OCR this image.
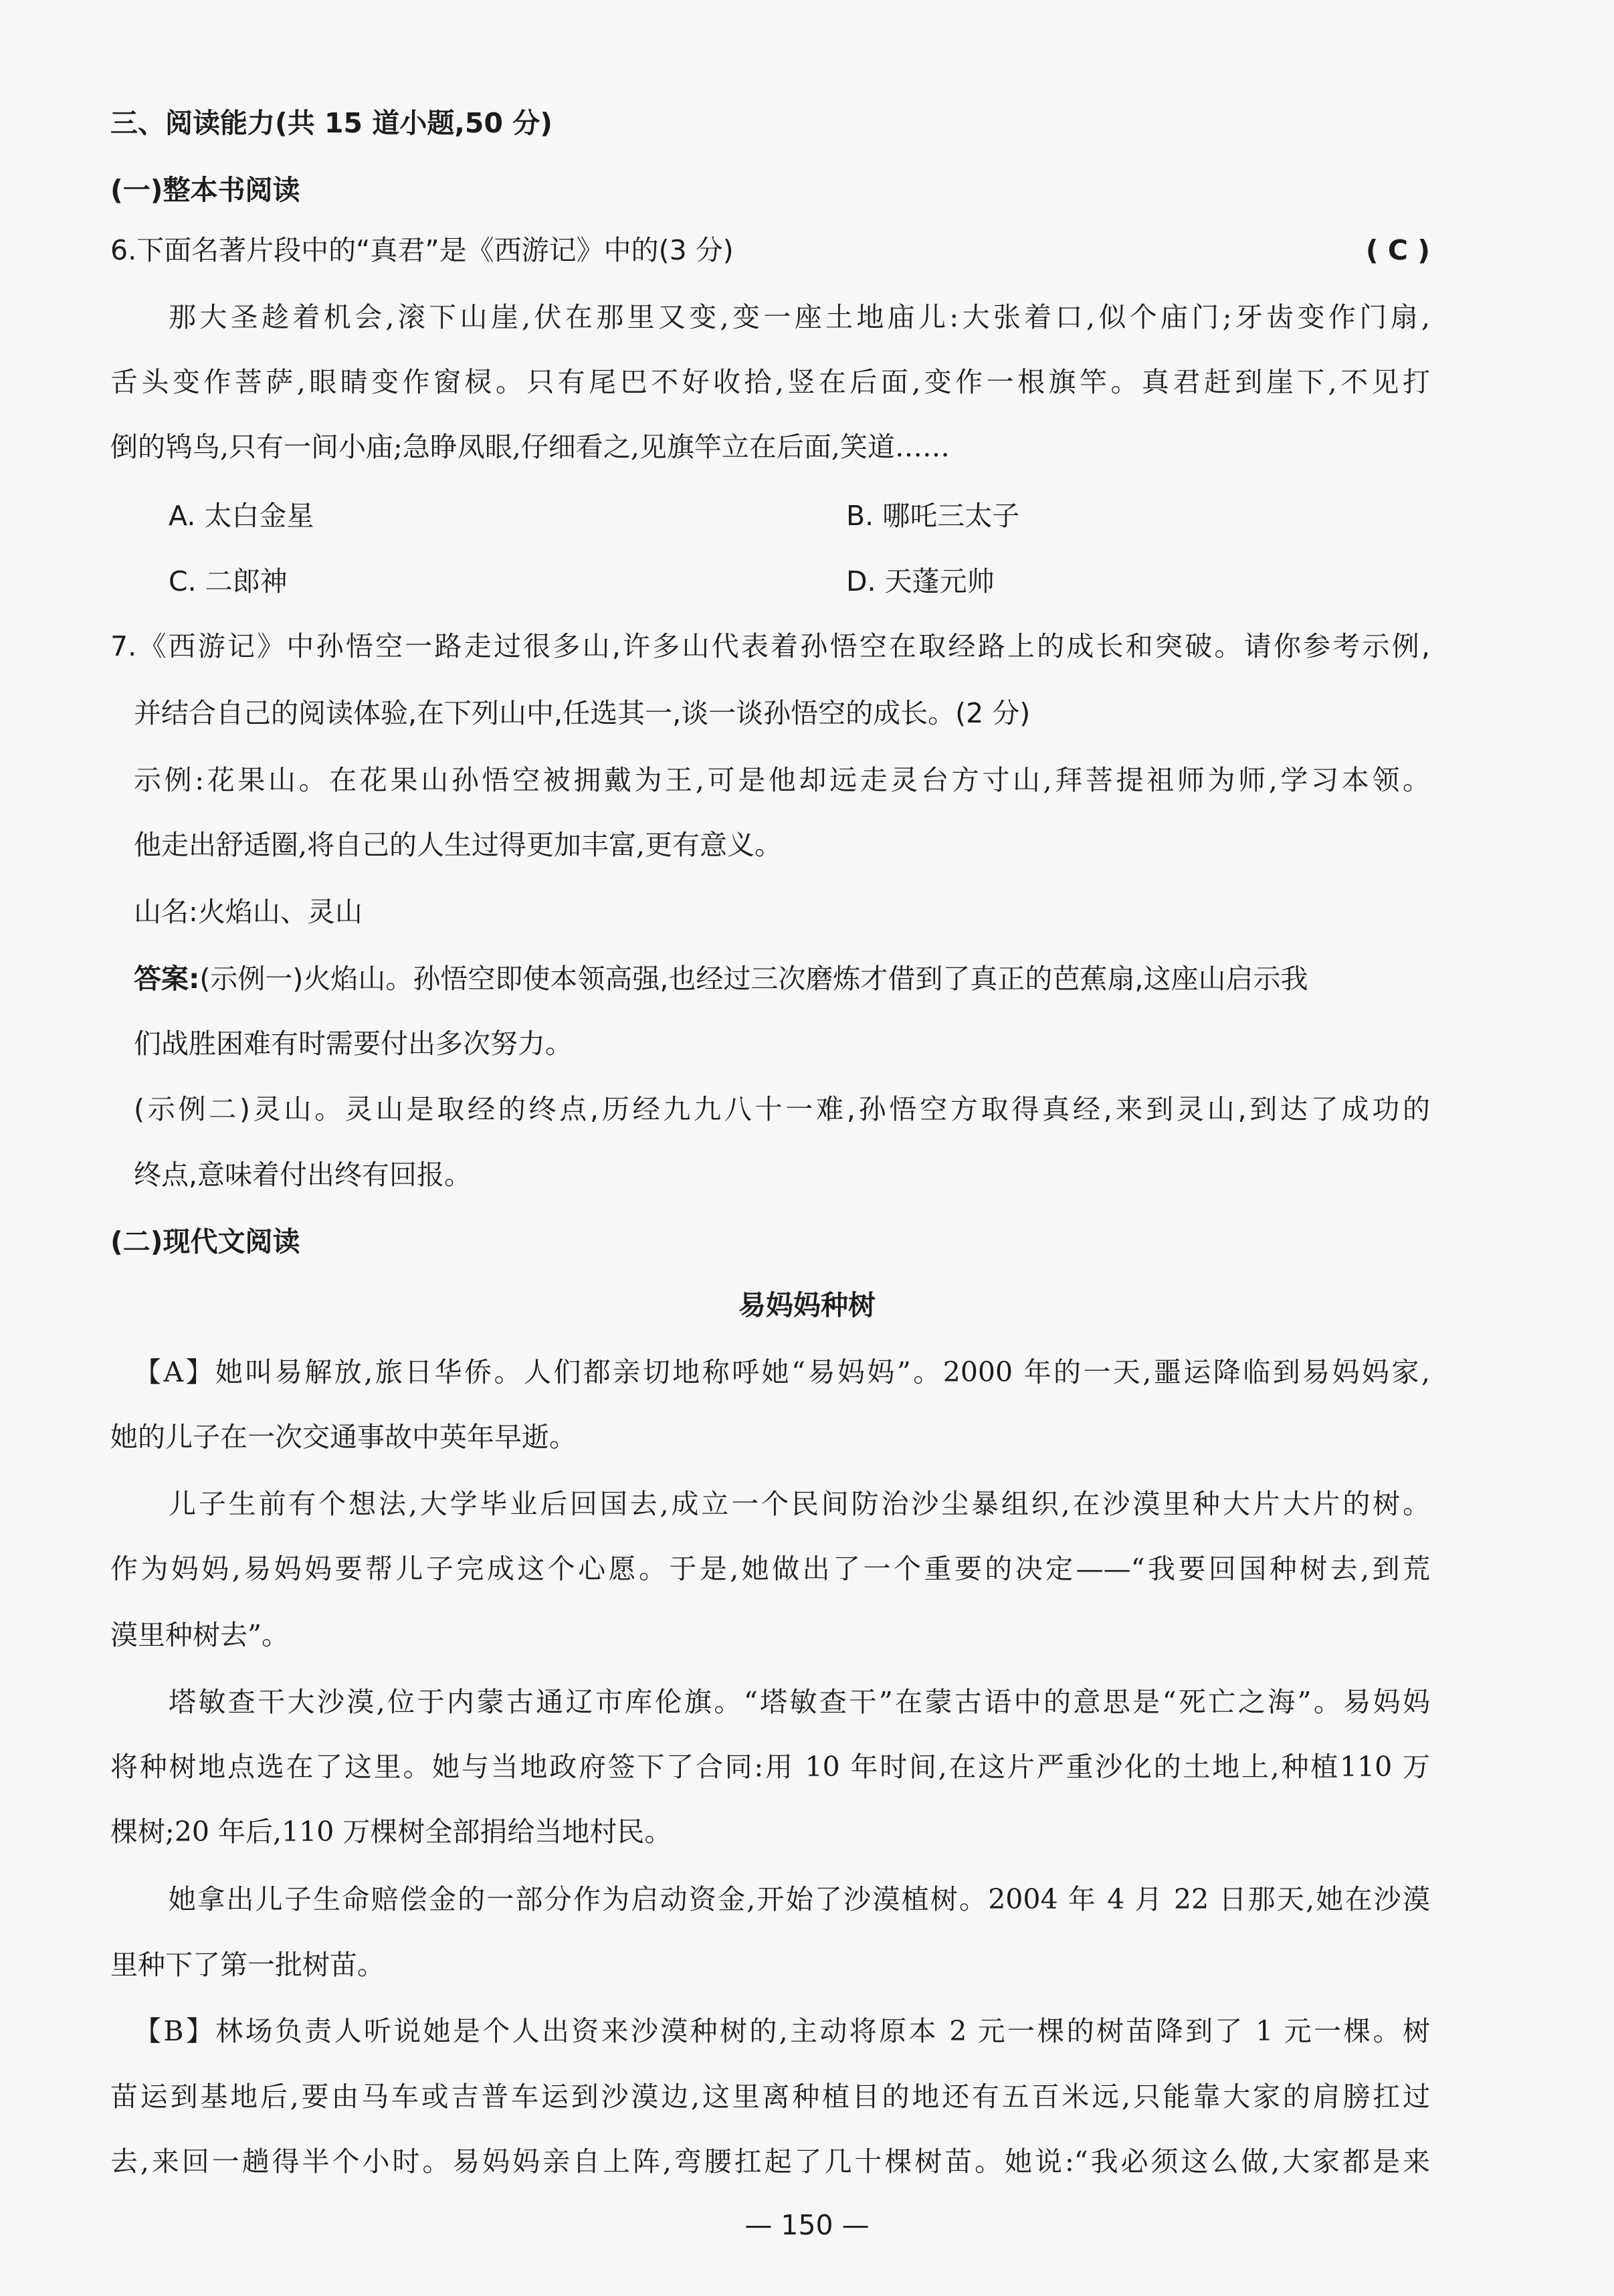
三、阅读能力(共 15 道小题,50 分)
(一)整本书阅读
6.下面名著片段中的“真君”是《西游记》中的(3 分)	( C )
那大圣趁着机会,滚下山崖,伏在那里又变,变一座土地庙儿:大张着口,似个庙门;牙齿变作门扇,
舌头变作菩萨,眼睛变作窗棂。只有尾巴不好收拾,竖在后面,变作一根旗竿。真君赶到崖下,不见打
倒的鸨鸟,只有一间小庙;急睁凤眼,仔细看之,见旗竿立在后面,笑道……
A. 太白金星	B. 哪吒三太子
C. 二郎神	D. 天蓬元帅
7.《西游记》中孙悟空一路走过很多山,许多山代表着孙悟空在取经路上的成长和突破。请你参考示例,
并结合自己的阅读体验,在下列山中,任选其一,谈一谈孙悟空的成长。(2 分)
示例:花果山。在花果山孙悟空被拥戴为王,可是他却远走灵台方寸山,拜菩提祖师为师,学习本领。
他走出舒适圈,将自己的人生过得更加丰富,更有意义。
山名:火焰山、灵山
答案:(示例一)火焰山。孙悟空即使本领高强,也经过三次磨炼才借到了真正的芭蕉扇,这座山启示我
们战胜困难有时需要付出多次努力。
(示例二)灵山。灵山是取经的终点,历经九九八十一难,孙悟空方取得真经,来到灵山,到达了成功的
终点,意味着付出终有回报。
(二)现代文阅读
易妈妈种树
【A】她叫易解放,旅日华侨。人们都亲切地称呼她“易妈妈”。2000 年的一天,噩运降临到易妈妈家,
她的儿子在一次交通事故中英年早逝。
儿子生前有个想法,大学毕业后回国去,成立一个民间防治沙尘暴组织,在沙漠里种大片大片的树。
作为妈妈,易妈妈要帮儿子完成这个心愿。于是,她做出了一个重要的决定——“我要回国种树去,到荒
漠里种树去”。
塔敏查干大沙漠,位于内蒙古通辽市库伦旗。“塔敏查干”在蒙古语中的意思是“死亡之海”。易妈妈
将种树地点选在了这里。她与当地政府签下了合同:用 10 年时间,在这片严重沙化的土地上,种植110 万
棵树;20 年后,110 万棵树全部捐给当地村民。
她拿出儿子生命赔偿金的一部分作为启动资金,开始了沙漠植树。2004 年 4 月 22 日那天,她在沙漠
里种下了第一批树苗。
【B】林场负责人听说她是个人出资来沙漠种树的,主动将原本 2 元一棵的树苗降到了 1 元一棵。树
苗运到基地后,要由马车或吉普车运到沙漠边,这里离种植目的地还有五百米远,只能靠大家的肩膀扛过
去,来回一趟得半个小时。易妈妈亲自上阵,弯腰扛起了几十棵树苗。她说:“我必须这么做,大家都是来
— 150 —
